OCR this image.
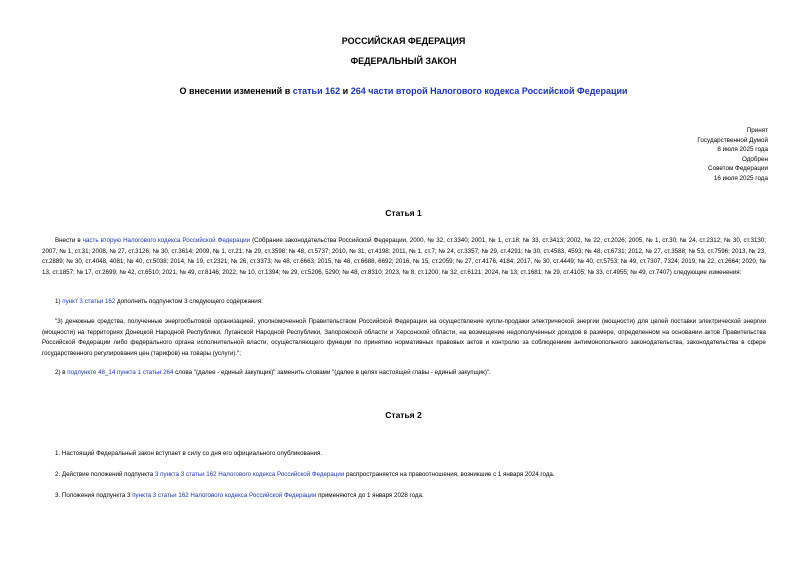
РОССИЙСКАЯ ФЕДЕРАЦИЯ
ФЕДЕРАЛЬНЫЙ ЗАКОН
О внесении изменений в статьи 162 и 264 части второй Налогового кодекса Российской Федерации
Принят
Государственной Думой
8 июля 2025 года
Одобрен
Советом Федерации
16 июля 2025 года
Статья 1
Внести в часть вторую Налогового кодекса Российской Федерации (Собрание законодательства Российской Федерации, 2000, № 32, ст.3340; 2001, № 1, ст.18; № 33, ст.3413; 2002, № 22, ст.2026; 2005, № 1, ст.30; № 24, ст.2312; № 30, ст.3130; 2007, № 1, ст.31; 2008, № 27, ст.3126; № 30, ст.3614; 2009, № 1, ст.21; № 29, ст.3598; № 48, ст.5737; 2010, № 31, ст.4198; 2011, № 1, ст.7; № 24, ст.3357; № 29, ст.4291; № 30, ст.4583, 4593; № 48, ст.6731; 2012, № 27, ст.3588; № 53, ст.7596; 2013, № 23, ст.2889; № 30, ст.4048, 4081; № 40, ст.5038; 2014, № 19, ст.2321; № 26, ст.3373; № 48, ст.6663; 2015, № 48, ст.6688, 6692; 2016, № 15, ст.2059; № 27, ст.4176, 4184; 2017, № 30, ст.4449; № 40, ст.5753; № 49, ст.7307, 7324; 2019, № 22, ст.2664; 2020, № 13, ст.1857; № 17, ст.2699; № 42, ст.6510; 2021, № 49, ст.8146; 2022, № 10, ст.1394; № 29, ст.5206, 5290; № 48, ст.8310; 2023, № 8, ст.1200; № 32, ст.6121; 2024, № 13, ст.1681; № 29, ст.4105; № 33, ст.4955; № 49, ст.7407) следующие изменения:
1) пункт 3 статьи 162 дополнить подпунктом 3 следующего содержания:
"3) денежные средства, полученные энергосбытовой организацией, уполномоченной Правительством Российской Федерации на осуществление купли-продажи электрической энергии (мощности) для целей поставки электрической энергии (мощности) на территориях Донецкой Народной Республики, Луганской Народной Республики, Запорожской области и Херсонской области, на возмещение недополученных доходов в размере, определенном на основании актов Правительства Российской Федерации либо федерального органа исполнительной власти, осуществляющего функции по принятию нормативных правовых актов и контролю за соблюдением антимонопольного законодательства, законодательства в сфере государственного регулирования цен (тарифов) на товары (услуги).";
2) в подпункте 48_14 пункта 1 статьи 264 слова "(далее - единый закупщик)" заменить словами "(далее в целях настоящей главы - единый закупщик)".
Статья 2
1. Настоящий Федеральный закон вступает в силу со дня его официального опубликования.
2. Действие положений подпункта 3 пункта 3 статьи 162 Налогового кодекса Российской Федерации распространяется на правоотношения, возникшие с 1 января 2024 года.
3. Положения подпункта 3 пункта 3 статьи 162 Налогового кодекса Российской Федерации применяются до 1 января 2028 года.
